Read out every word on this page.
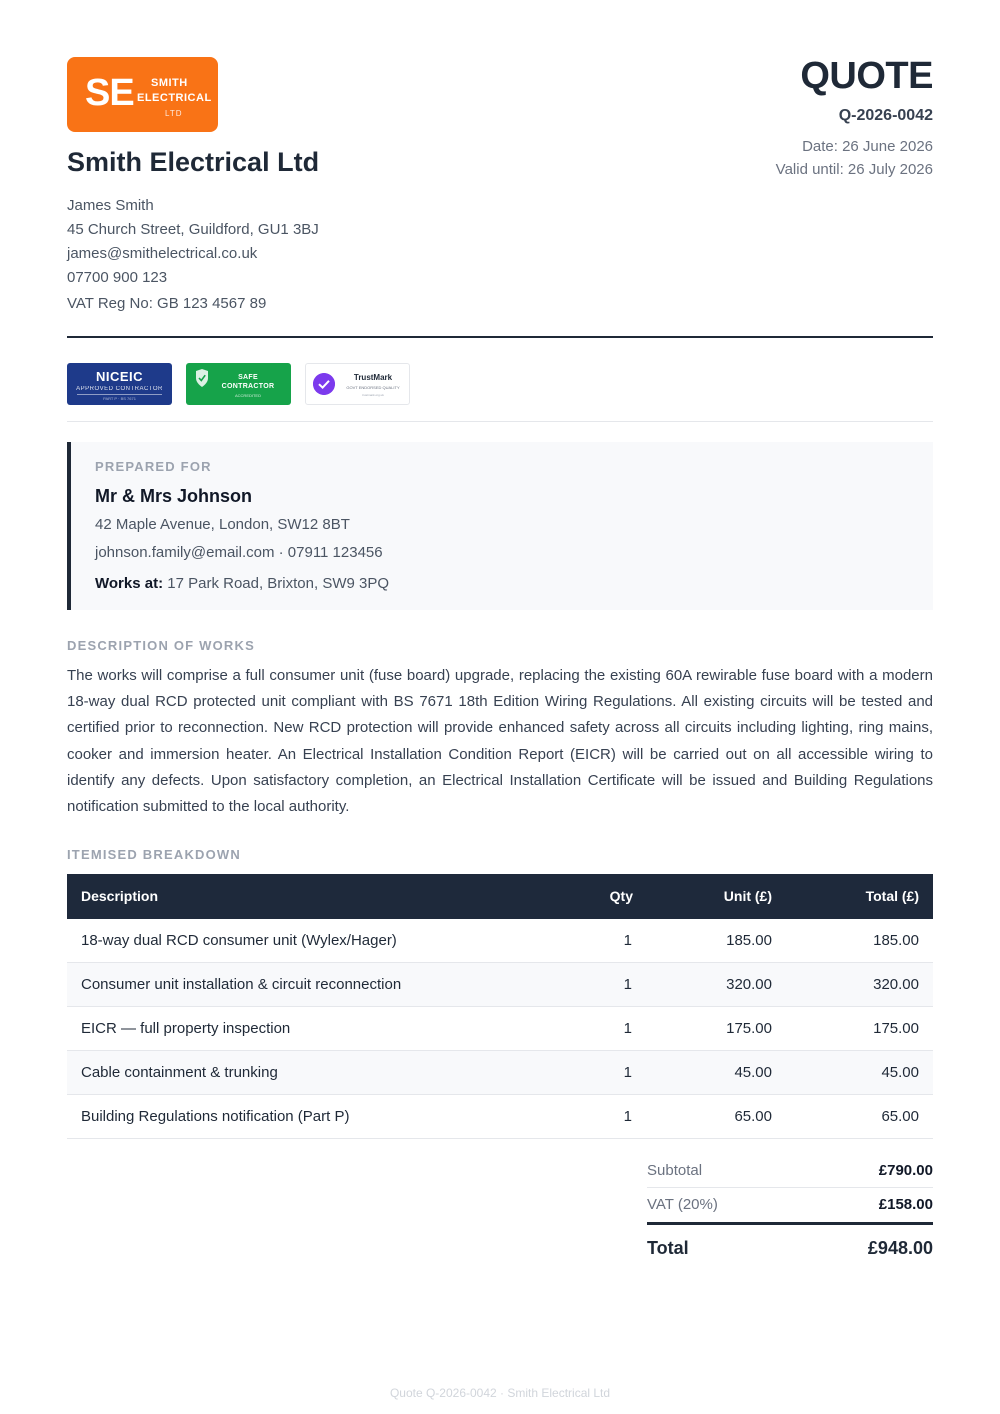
SE SMITH
ELECTRICAL
LTD
Smith Electrical Ltd
James Smith
45 Church Street, Guildford, GU1 3BJ
james@smithelectrical.co.uk
07700 900 123
VAT Reg No: GB 123 4567 89
QUOTE
Q-2026-0042
Date: 26 June 2026
Valid until: 26 July 2026
NICEIC
APPROVED CONTRACTOR
PART P · BS 7671
SAFE
CONTRACTOR
ACCREDITED
TrustMark
GOVT ENDORSED QUALITY
trustmark.org.uk
PREPARED FOR
Mr & Mrs Johnson
42 Maple Avenue, London, SW12 8BT
johnson.family@email.com · 07911 123456
Works at: 17 Park Road, Brixton, SW9 3PQ
DESCRIPTION OF WORKS
The works will comprise a full consumer unit (fuse board) upgrade, replacing the existing 60A rewirable fuse board with a modern 18-way dual RCD protected unit compliant with BS 7671 18th Edition Wiring Regulations. All existing circuits will be tested and certified prior to reconnection. New RCD protection will provide enhanced safety across all circuits including lighting, ring mains, cooker and immersion heater. An Electrical Installation Condition Report (EICR) will be carried out on all accessible wiring to identify any defects. Upon satisfactory completion, an Electrical Installation Certificate will be issued and Building Regulations notification submitted to the local authority.
ITEMISED BREAKDOWN
Description	Qty	Unit (£)	Total (£)
18-way dual RCD consumer unit (Wylex/Hager)	1	185.00	185.00
Consumer unit installation & circuit reconnection	1	320.00	320.00
EICR — full property inspection	1	175.00	175.00
Cable containment & trunking	1	45.00	45.00
Building Regulations notification (Part P)	1	65.00	65.00
Subtotal	£790.00
VAT (20%)	£158.00
Total	£948.00
Quote Q-2026-0042 · Smith Electrical Ltd
